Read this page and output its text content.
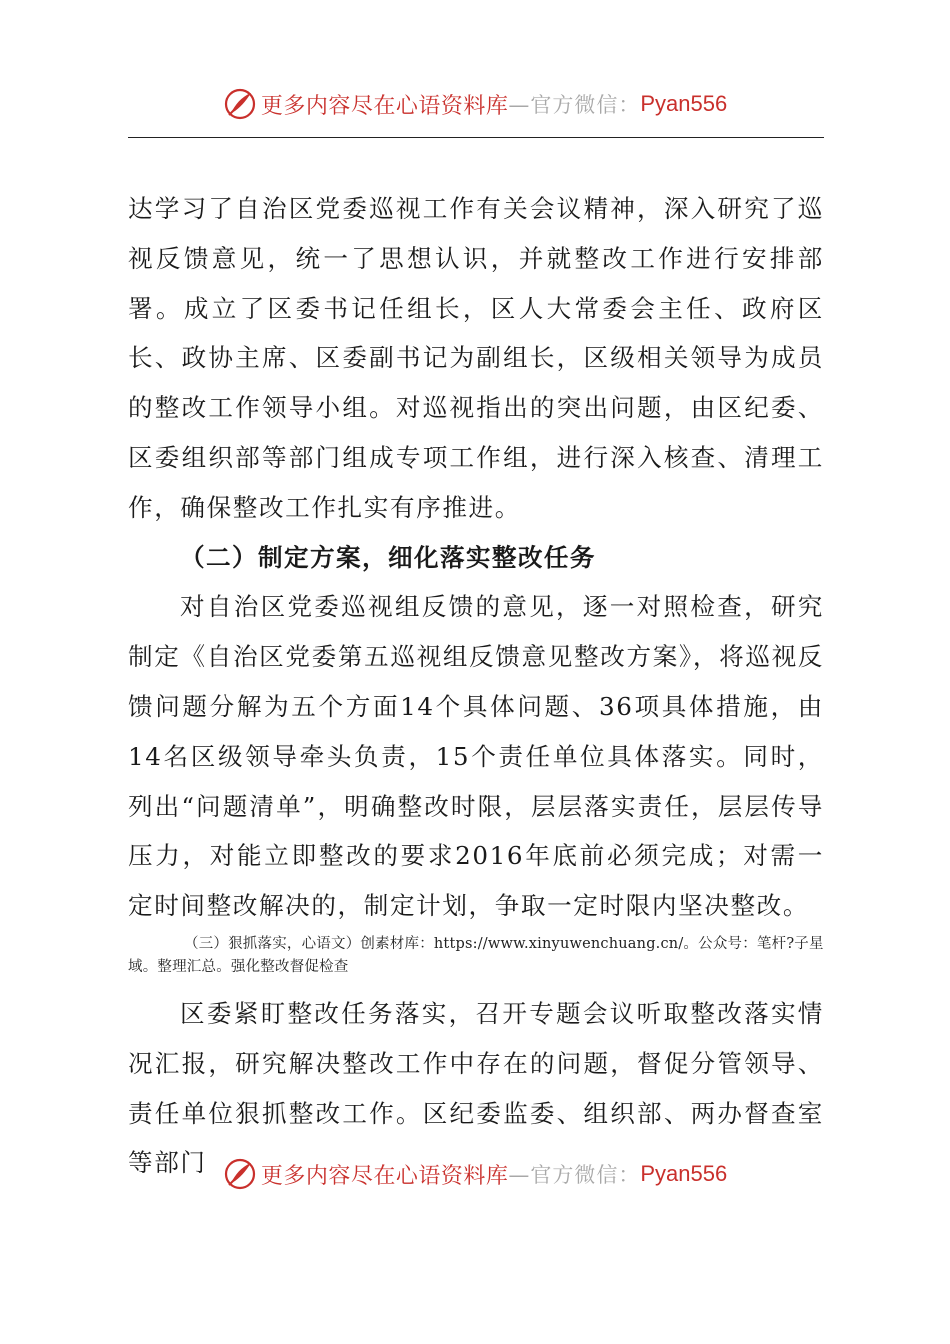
更多内容尽在心语资料库 —官方微信： Pyan556

达学习了自治区党委巡视工作有关会议精神，深入研究了巡视反馈意见，统一了思想认识，并就整改工作进行安排部署。成立了区委书记任组长，区人大常委会主任、政府区长、政协主席、区委副书记为副组长，区级相关领导为成员的整改工作领导小组。对巡视指出的突出问题，由区纪委、区委组织部等部门组成专项工作组，进行深入核查、清理工作，确保整改工作扎实有序推进。

（二）制定方案，细化落实整改任务

对自治区党委巡视组反馈的意见，逐一对照检查，研究制定《自治区党委第五巡视组反馈意见整改方案》，将巡视反馈问题分解为五个方面14个具体问题、36项具体措施，由14名区级领导牵头负责，15个责任单位具体落实。同时，列出“问题清单”，明确整改时限，层层落实责任，层层传导压力，对能立即整改的要求2016年底前必须完成；对需一定时间整改解决的，制定计划，争取一定时限内坚决整改。

（三）狠抓落实，心语文）创素材库：https://www.xinyuwenchuang.cn/。公众号：笔杆?子星域。整理汇总。强化整改督促检查

区委紧盯整改任务落实，召开专题会议听取整改落实情况汇报，研究解决整改工作中存在的问题，督促分管领导、责任单位狠抓整改工作。区纪委监委、组织部、两办督查室等部门	更多内容尽在心语资料库 —官方微信： Pyan556
